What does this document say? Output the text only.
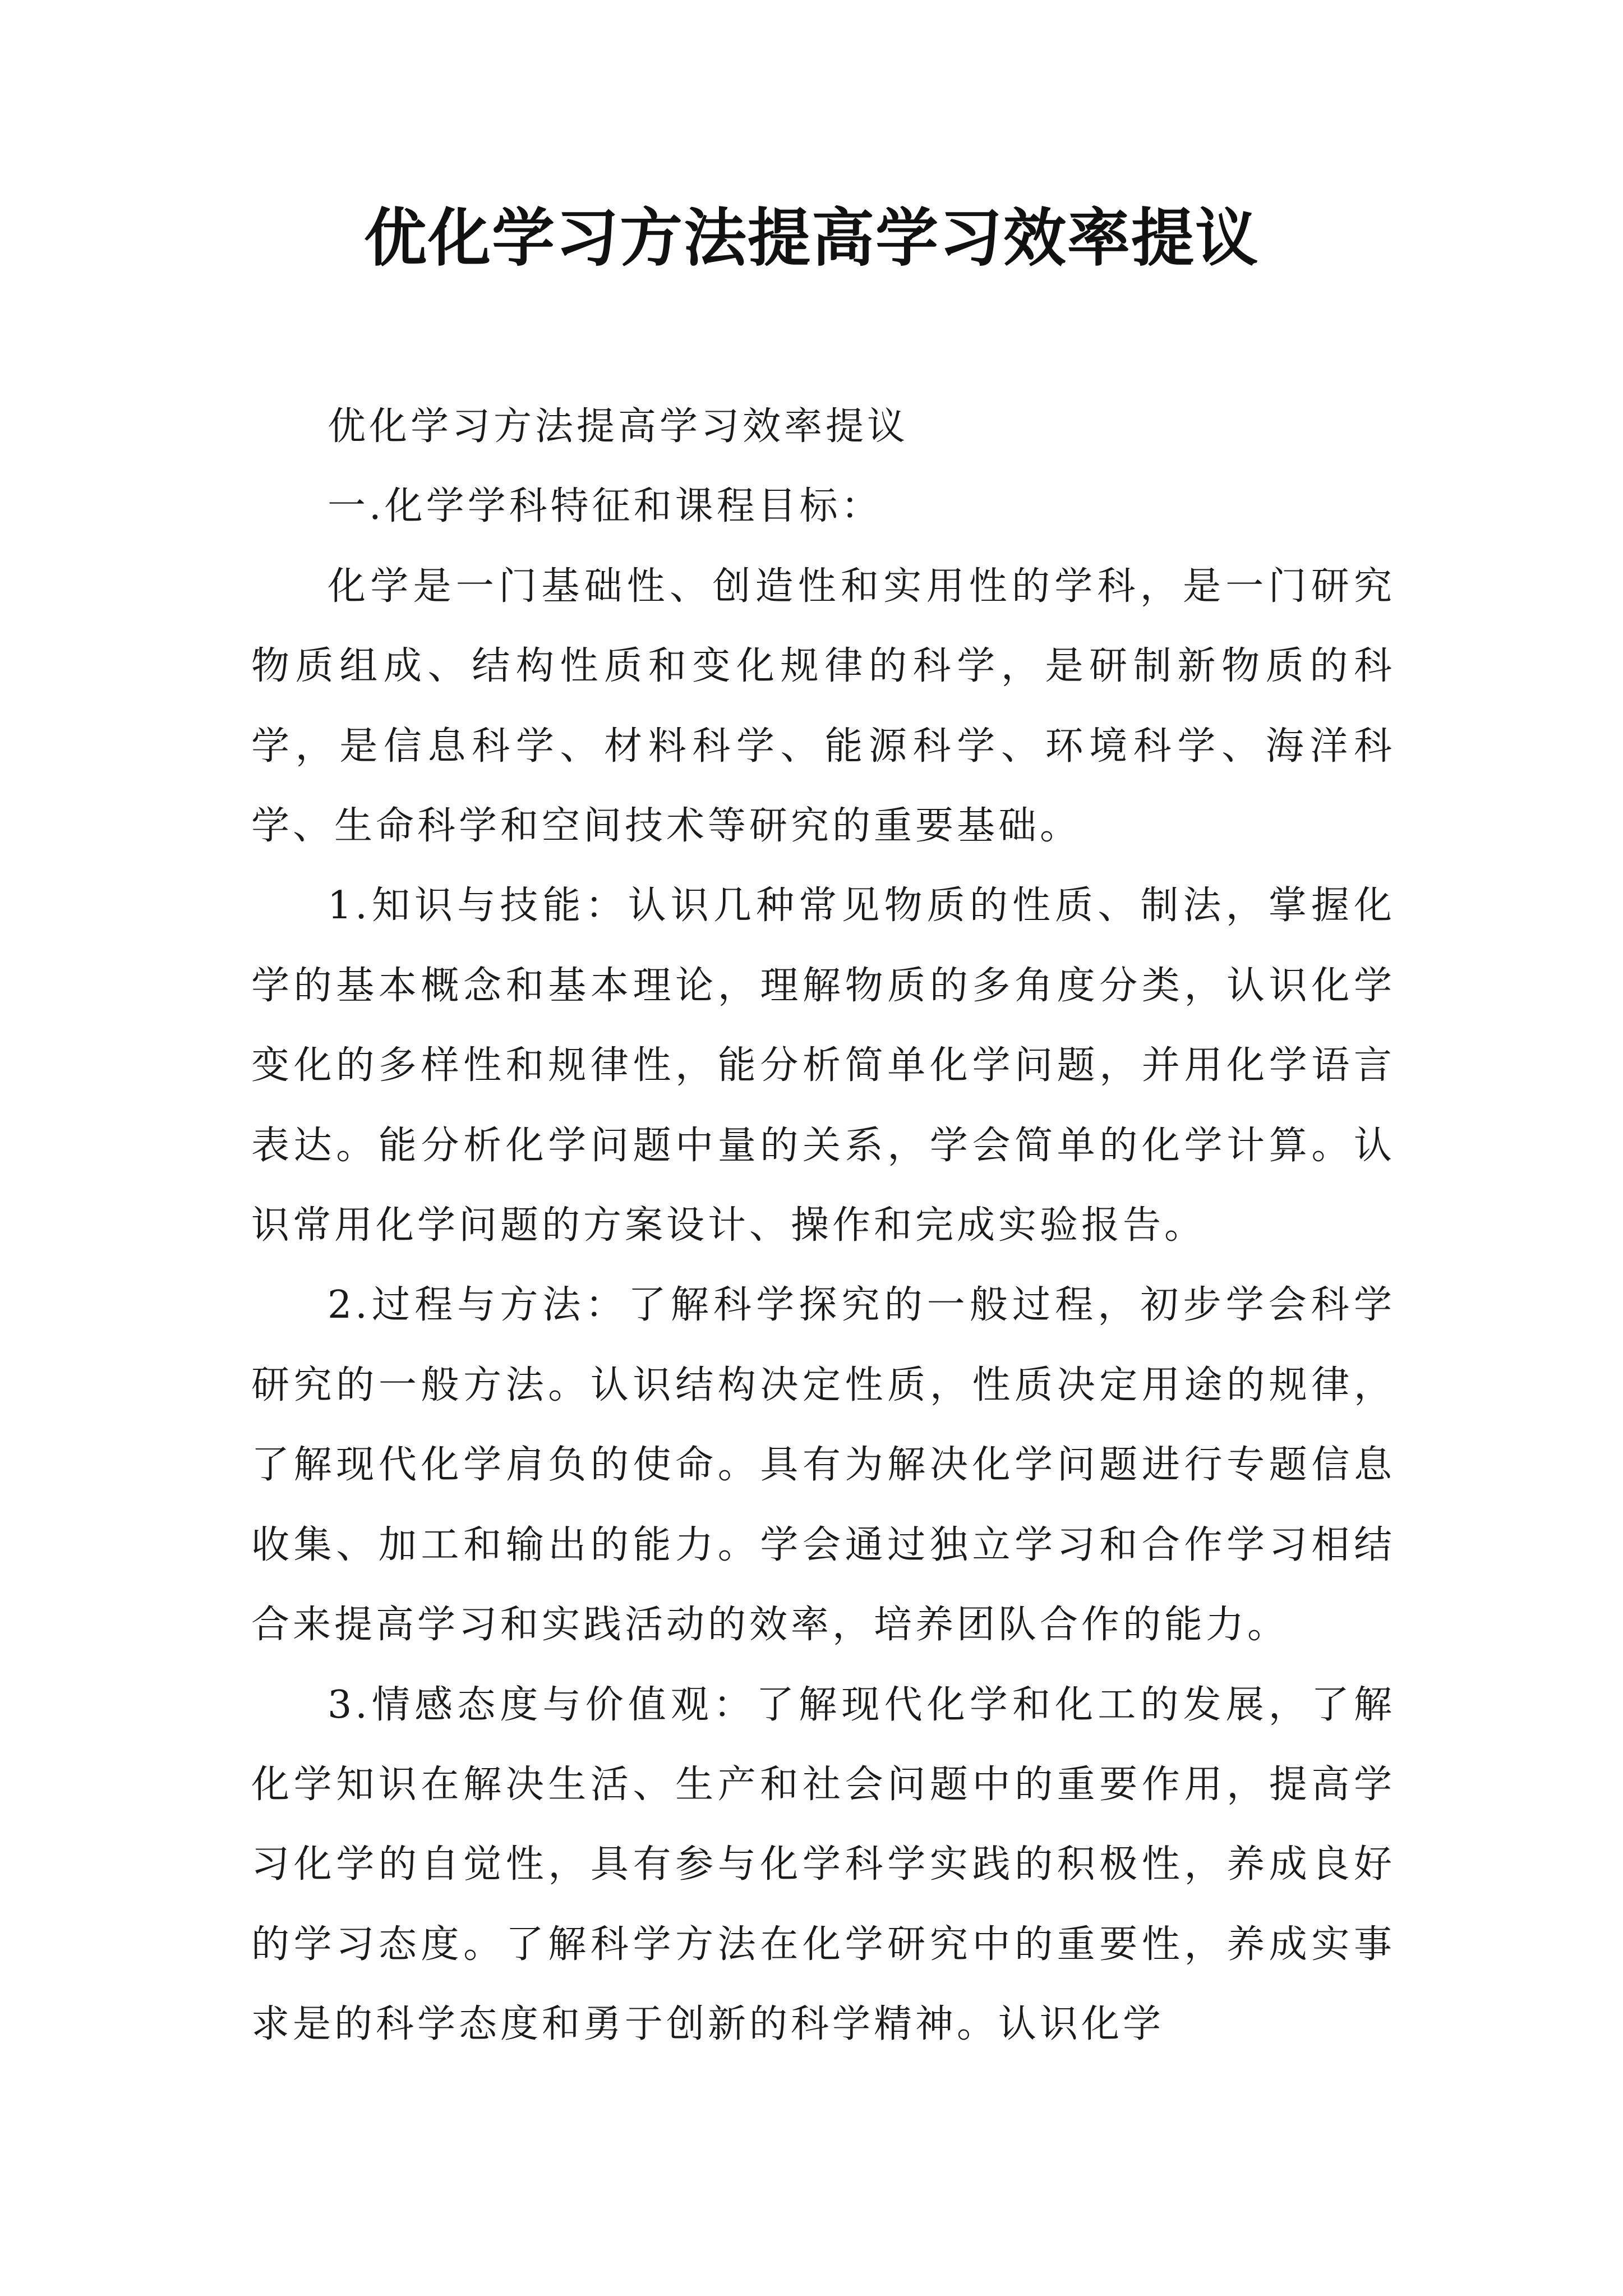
优化学习方法提高学习效率提议

优化学习方法提高学习效率提议

一.化学学科特征和课程目标：

化学是一门基础性、创造性和实用性的学科，是一门研究物质组成、结构性质和变化规律的科学，是研制新物质的科学，是信息科学、材料科学、能源科学、环境科学、海洋科学、生命科学和空间技术等研究的重要基础。

1.知识与技能：认识几种常见物质的性质、制法，掌握化学的基本概念和基本理论，理解物质的多角度分类，认识化学变化的多样性和规律性，能分析简单化学问题，并用化学语言表达。能分析化学问题中量的关系，学会简单的化学计算。认识常用化学问题的方案设计、操作和完成实验报告。

2.过程与方法：了解科学探究的一般过程，初步学会科学研究的一般方法。认识结构决定性质，性质决定用途的规律，了解现代化学肩负的使命。具有为解决化学问题进行专题信息收集、加工和输出的能力。学会通过独立学习和合作学习相结合来提高学习和实践活动的效率，培养团队合作的能力。

3.情感态度与价值观：了解现代化学和化工的发展，了解化学知识在解决生活、生产和社会问题中的重要作用，提高学习化学的自觉性，具有参与化学科学实践的积极性，养成良好的学习态度。了解科学方法在化学研究中的重要性，养成实事求是的科学态度和勇于创新的科学精神。认识化学
